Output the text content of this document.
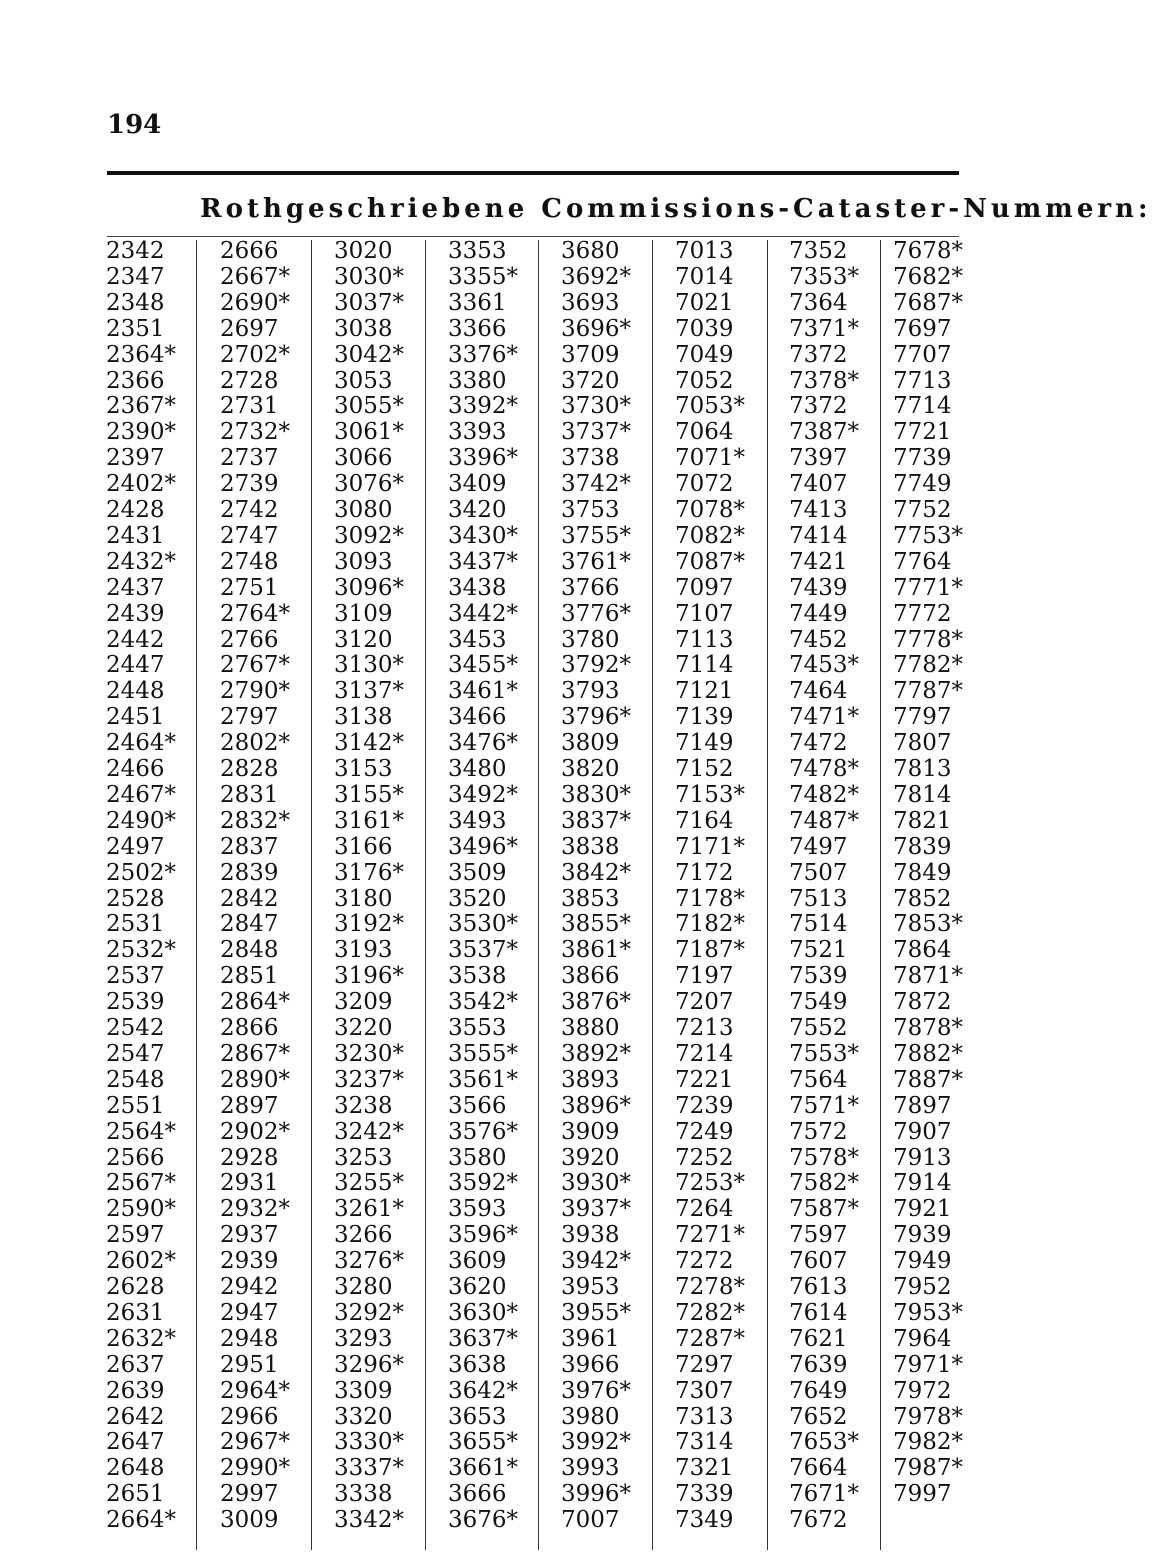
194
Rothgeschriebene Commissions-Cataster-Nummern:
2342
2347
2348
2351
2364*
2366
2367*
2390*
2397
2402*
2428
2431
2432*
2437
2439
2442
2447
2448
2451
2464*
2466
2467*
2490*
2497
2502*
2528
2531
2532*
2537
2539
2542
2547
2548
2551
2564*
2566
2567*
2590*
2597
2602*
2628
2631
2632*
2637
2639
2642
2647
2648
2651
2664*
2666
2667*
2690*
2697
2702*
2728
2731
2732*
2737
2739
2742
2747
2748
2751
2764*
2766
2767*
2790*
2797
2802*
2828
2831
2832*
2837
2839
2842
2847
2848
2851
2864*
2866
2867*
2890*
2897
2902*
2928
2931
2932*
2937
2939
2942
2947
2948
2951
2964*
2966
2967*
2990*
2997
3009
3020
3030*
3037*
3038
3042*
3053
3055*
3061*
3066
3076*
3080
3092*
3093
3096*
3109
3120
3130*
3137*
3138
3142*
3153
3155*
3161*
3166
3176*
3180
3192*
3193
3196*
3209
3220
3230*
3237*
3238
3242*
3253
3255*
3261*
3266
3276*
3280
3292*
3293
3296*
3309
3320
3330*
3337*
3338
3342*
3353
3355*
3361
3366
3376*
3380
3392*
3393
3396*
3409
3420
3430*
3437*
3438
3442*
3453
3455*
3461*
3466
3476*
3480
3492*
3493
3496*
3509
3520
3530*
3537*
3538
3542*
3553
3555*
3561*
3566
3576*
3580
3592*
3593
3596*
3609
3620
3630*
3637*
3638
3642*
3653
3655*
3661*
3666
3676*
3680
3692*
3693
3696*
3709
3720
3730*
3737*
3738
3742*
3753
3755*
3761*
3766
3776*
3780
3792*
3793
3796*
3809
3820
3830*
3837*
3838
3842*
3853
3855*
3861*
3866
3876*
3880
3892*
3893
3896*
3909
3920
3930*
3937*
3938
3942*
3953
3955*
3961
3966
3976*
3980
3992*
3993
3996*
7007
7013
7014
7021
7039
7049
7052
7053*
7064
7071*
7072
7078*
7082*
7087*
7097
7107
7113
7114
7121
7139
7149
7152
7153*
7164
7171*
7172
7178*
7182*
7187*
7197
7207
7213
7214
7221
7239
7249
7252
7253*
7264
7271*
7272
7278*
7282*
7287*
7297
7307
7313
7314
7321
7339
7349
7352
7353*
7364
7371*
7372
7378*
7372
7387*
7397
7407
7413
7414
7421
7439
7449
7452
7453*
7464
7471*
7472
7478*
7482*
7487*
7497
7507
7513
7514
7521
7539
7549
7552
7553*
7564
7571*
7572
7578*
7582*
7587*
7597
7607
7613
7614
7621
7639
7649
7652
7653*
7664
7671*
7672
7678*
7682*
7687*
7697
7707
7713
7714
7721
7739
7749
7752
7753*
7764
7771*
7772
7778*
7782*
7787*
7797
7807
7813
7814
7821
7839
7849
7852
7853*
7864
7871*
7872
7878*
7882*
7887*
7897
7907
7913
7914
7921
7939
7949
7952
7953*
7964
7971*
7972
7978*
7982*
7987*
7997
